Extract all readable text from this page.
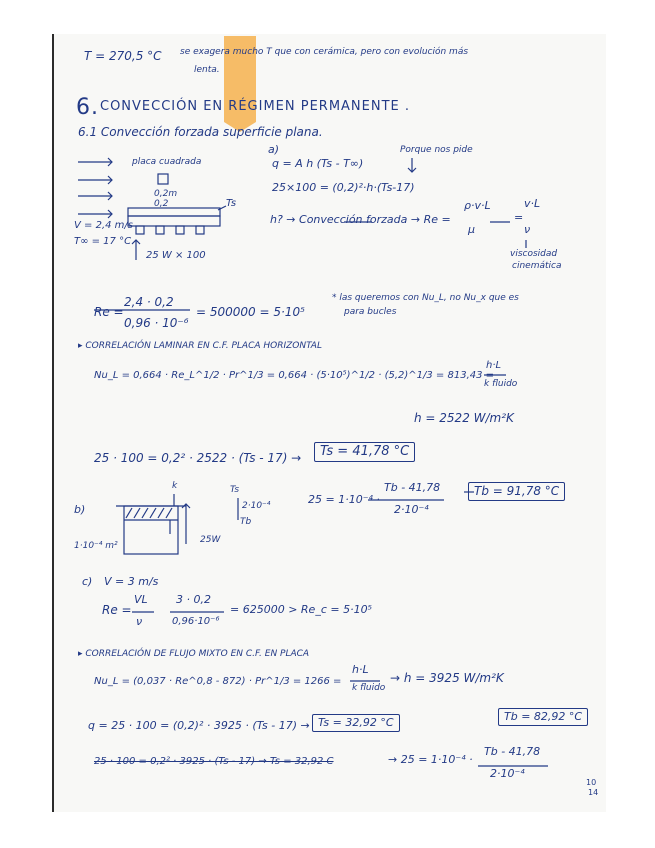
T = 270,5 °C se exagera mucho T que con cerámica, pero con evolución más
lenta.
6. CONVECCIÓN EN RÉGIMEN PERMANENTE .
6.1 Convección forzada superficie plana.
placa cuadrada
0,2m
0,2	Ts
V = 2,4 m/s
T∞ = 17 °C
25 W × 100
a)
q = A h (Ts - T∞)
Porque nos pide
25×100 = (0,2)²·h·(Ts-17)
h? → Convección forzada → Re =
ρ·v·L
μ
=
v·L
ν
viscosidad
cinemática
Re =
2,4 · 0,2
0,96 · 10⁻⁶
= 500000 = 5·10⁵
* las queremos con Nu_L, no Nu_x que es
para bucles
▸ CORRELACIÓN LAMINAR EN C.F. PLACA HORIZONTAL
Nu_L = 0,664 · Re_L^1/2 · Pr^1/3 = 0,664 · (5·10⁵)^1/2 · (5,2)^1/3 = 813,43 =
h·L
k fluido
h = 2522 W/m²K
25 · 100 = 0,2² · 2522 · (Ts - 17) →	Ts = 41,78 °C
b)
k	Ts
2·10⁻⁴
Tb
1·10⁻⁴ m²
25W
25 = 1·10⁻⁴ ·
Tb - 41,78
2·10⁻⁴
Tb = 91,78 °C
c) V = 3 m/s
Re =
VL
ν
3 · 0,2
0,96·10⁻⁶
= 625000 > Re_c = 5·10⁵
▸ CORRELACIÓN DE FLUJO MIXTO EN C.F. EN PLACA
Nu_L = (0,037 · Re^0,8 - 872) · Pr^1/3 = 1266 =
h·L
k fluido
→ h = 3925 W/m²K
q = 25 · 100 = (0,2)² · 3925 · (Ts - 17) → Ts = 32,92 °C	Tb = 82,92 °C
25 · 100 = 0,2² · 3925 · (Ts - 17) → Ts = 32,92 C	→ 25 = 1·10⁻⁴ ·
Tb - 41,78
2·10⁻⁴
10
14
